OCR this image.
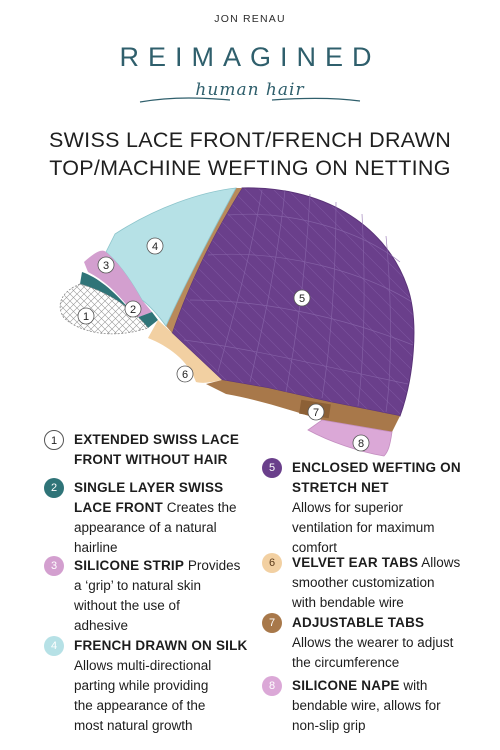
JON RENAU
REIMAGINED
human hair
SWISS LACE FRONT/FRENCH DRAWN
TOP/MACHINE WEFTING ON NETTING
1
2
3
4
5
6
7
8
1	EXTENDED SWISS LACE
FRONT WITHOUT HAIR
2	SINGLE LAYER SWISS
LACE FRONT Creates the
appearance of a natural
hairline
3	SILICONE STRIP Provides
a ‘grip’ to natural skin
without the use of
adhesive
4	FRENCH DRAWN ON SILK
Allows multi-directional
parting while providing
the appearance of the
most natural growth
5	ENCLOSED WEFTING ON
STRETCH NET
Allows for superior
ventilation for maximum
comfort
6	VELVET EAR TABS Allows
smoother customization
with bendable wire
7	ADJUSTABLE TABS
Allows the wearer to adjust
the circumference
8	SILICONE NAPE with
bendable wire, allows for
non-slip grip
